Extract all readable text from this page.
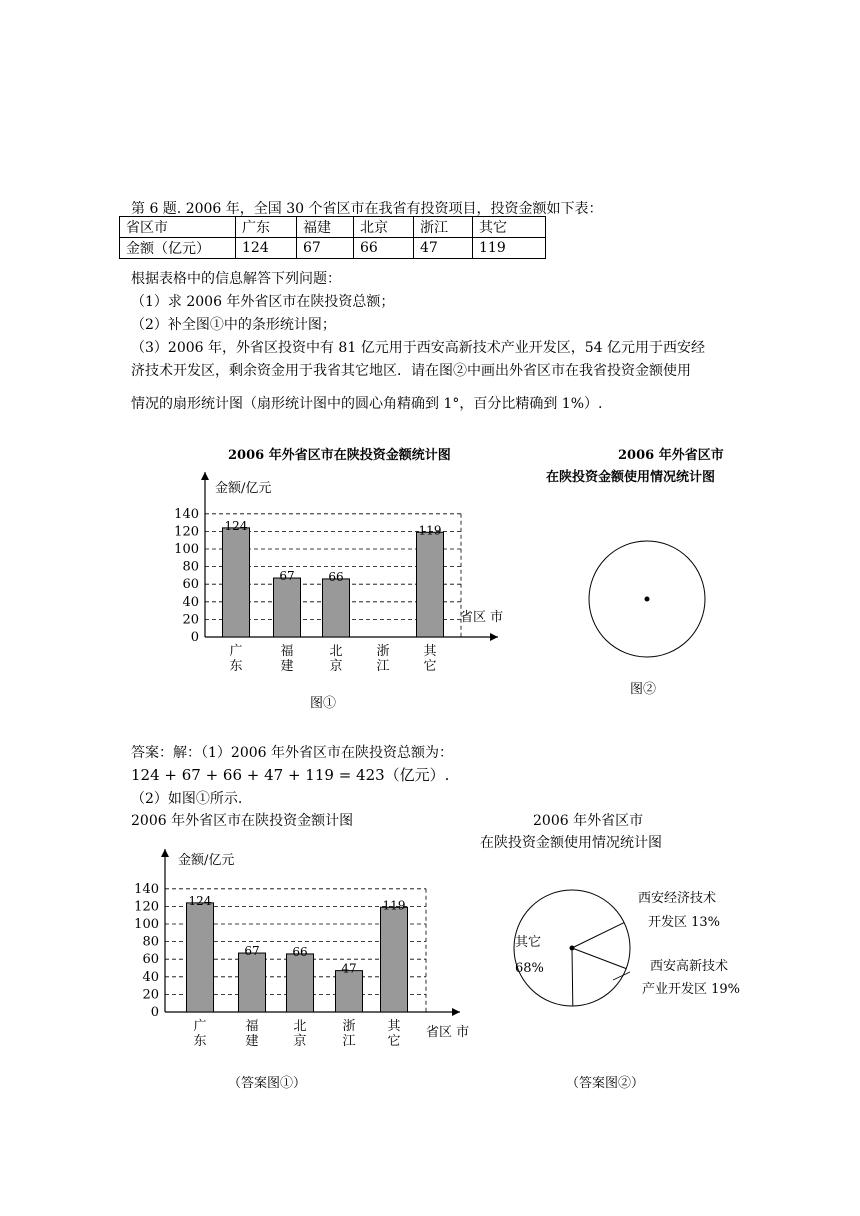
第 6 题. 2006 年，全国 30 个省区市在我省有投资项目，投资金额如下表：
省区市	广东	福建	北京	浙江	其它
金额（亿元）	124	67	66	47	119
根据表格中的信息解答下列问题：
（1）求 2006 年外省区市在陕投资总额；
（2）补全图①中的条形统计图；
（3）2006 年，外省区投资中有 81 亿元用于西安高新技术产业开发区，54 亿元用于西安经
济技术开发区，剩余资金用于我省其它地区．请在图②中画出外省区市在我省投资金额使用
情况的扇形统计图（扇形统计图中的圆心角精确到 1°，百分比精确到 1%）.
2006 年外省区市在陕投资金额统计图
0
20
40
60
80
100
120
140
金额/亿元
省区 市
124
广
东
67
福
建
66
北
京
浙
江
119
其
它
图①
2006 年外省区市
在陕投资金额使用情况统计图
图②
答案：解：（1）2006 年外省区市在陕投资总额为：
124 + 67 + 66 + 47 + 119 = 423（亿元）.
（2）如图①所示.
2006 年外省区市在陕投资金额计图	2006 年外省区市
在陕投资金额使用情况统计图
0
20
40
60
80
100
120
140
金额/亿元
省区 市
124
广
东
67
福
建
66
北
京
47
浙
江
119
其
它
其它
68%
西安经济技术
开发区 13%
西安高新技术
产业开发区 19%
（答案图①）	（答案图②）
